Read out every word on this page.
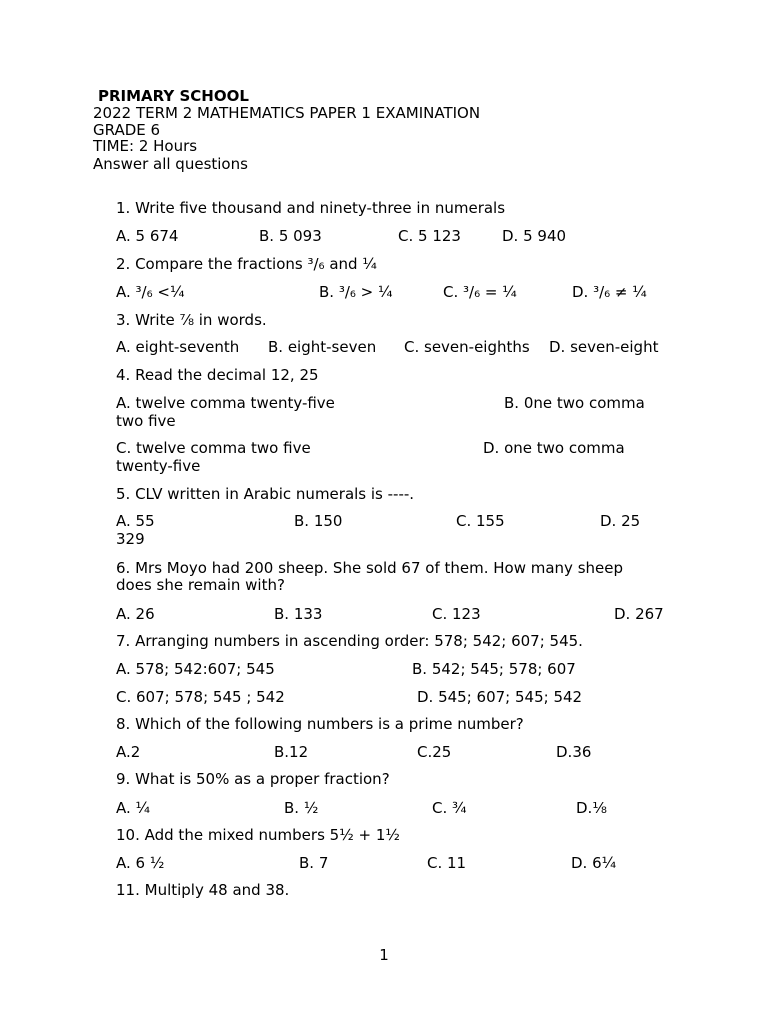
PRIMARY SCHOOL
2022 TERM 2 MATHEMATICS PAPER 1 EXAMINATION
GRADE 6
TIME: 2 Hours
Answer all questions
1. Write five thousand and ninety-three in numerals
A. 5 674	B. 5 093	C. 5 123	D. 5 940
2. Compare the fractions ³/₆ and ¼
A. ³/₆ <¼	B. ³/₆ > ¼	C. ³/₆ = ¼	D. ³/₆ ≠ ¼
3. Write ⅞ in words.
A. eight-seventh B. eight-seven C. seven-eighths D. seven-eight
4. Read the decimal 12, 25
A. twelve comma twenty-five	B. 0ne two comma
two five
C. twelve comma two five	D. one two comma
twenty-five
5. CLV written in Arabic numerals is ----.
A. 55	B. 150	C. 155	D. 25
329
6. Mrs Moyo had 200 sheep. She sold 67 of them. How many sheep
does she remain with?
A. 26	B. 133	C. 123	D. 267
7. Arranging numbers in ascending order: 578; 542; 607; 545.
A. 578; 542:607; 545	B. 542; 545; 578; 607
C. 607; 578; 545 ; 542	D. 545; 607; 545; 542
8. Which of the following numbers is a prime number?
A.2	B.12	C.25	D.36
9. What is 50% as a proper fraction?
A. ¼	B. ½	C. ¾	D.⅛
10. Add the mixed numbers 5½ + 1½
A. 6 ½	B. 7	C. 11	D. 6¼
11. Multiply 48 and 38.
1
